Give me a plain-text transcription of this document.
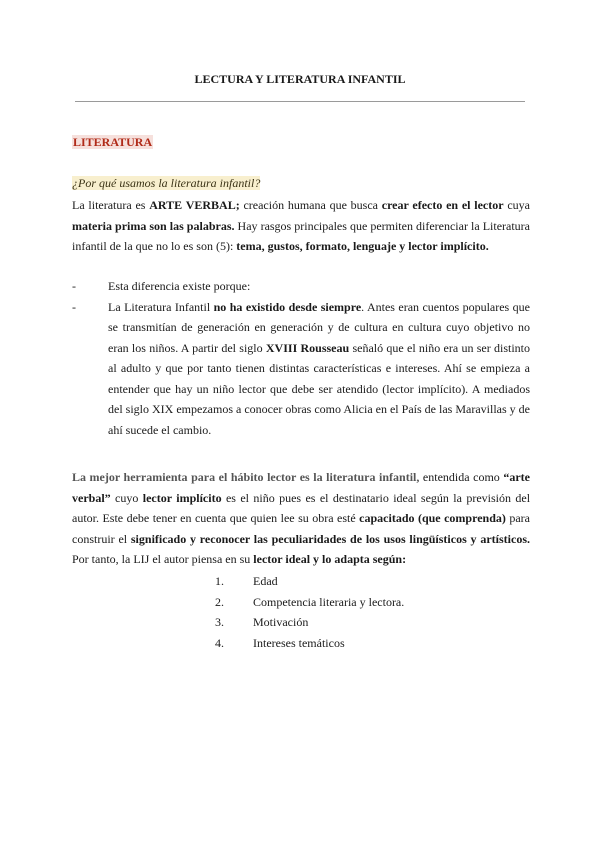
LECTURA Y LITERATURA INFANTIL
LITERATURA
¿Por qué usamos la literatura infantil?

La literatura es ARTE VERBAL; creación humana que busca crear efecto en el lector cuya materia prima son las palabras. Hay rasgos principales que permiten diferenciar la Literatura infantil de la que no lo es son (5): tema, gustos, formato, lenguaje y lector implícito.

-	Esta diferencia existe porque:
-	La Literatura Infantil no ha existido desde siempre. Antes eran cuentos populares que se transmitían de generación en generación y de cultura en cultura cuyo objetivo no eran los niños. A partir del siglo XVIII Rousseau señaló que el niño era un ser distinto al adulto y que por tanto tienen distintas características e intereses. Ahí se empieza a entender que hay un niño lector que debe ser atendido (lector implícito). A mediados del siglo XIX empezamos a conocer obras como Alicia en el País de las Maravillas y de ahí sucede el cambio.

La mejor herramienta para el hábito lector es la literatura infantil, entendida como “arte verbal” cuyo lector implícito es el niño pues es el destinatario ideal según la previsión del autor. Este debe tener en cuenta que quien lee su obra esté capacitado (que comprenda) para construir el significado y reconocer las peculiaridades de los usos lingüísticos y artísticos. Por tanto, la LIJ el autor piensa en su lector ideal y lo adapta según:

1.	Edad
2.	Competencia literaria y lectora.
3.	Motivación
4.	Intereses temáticos
